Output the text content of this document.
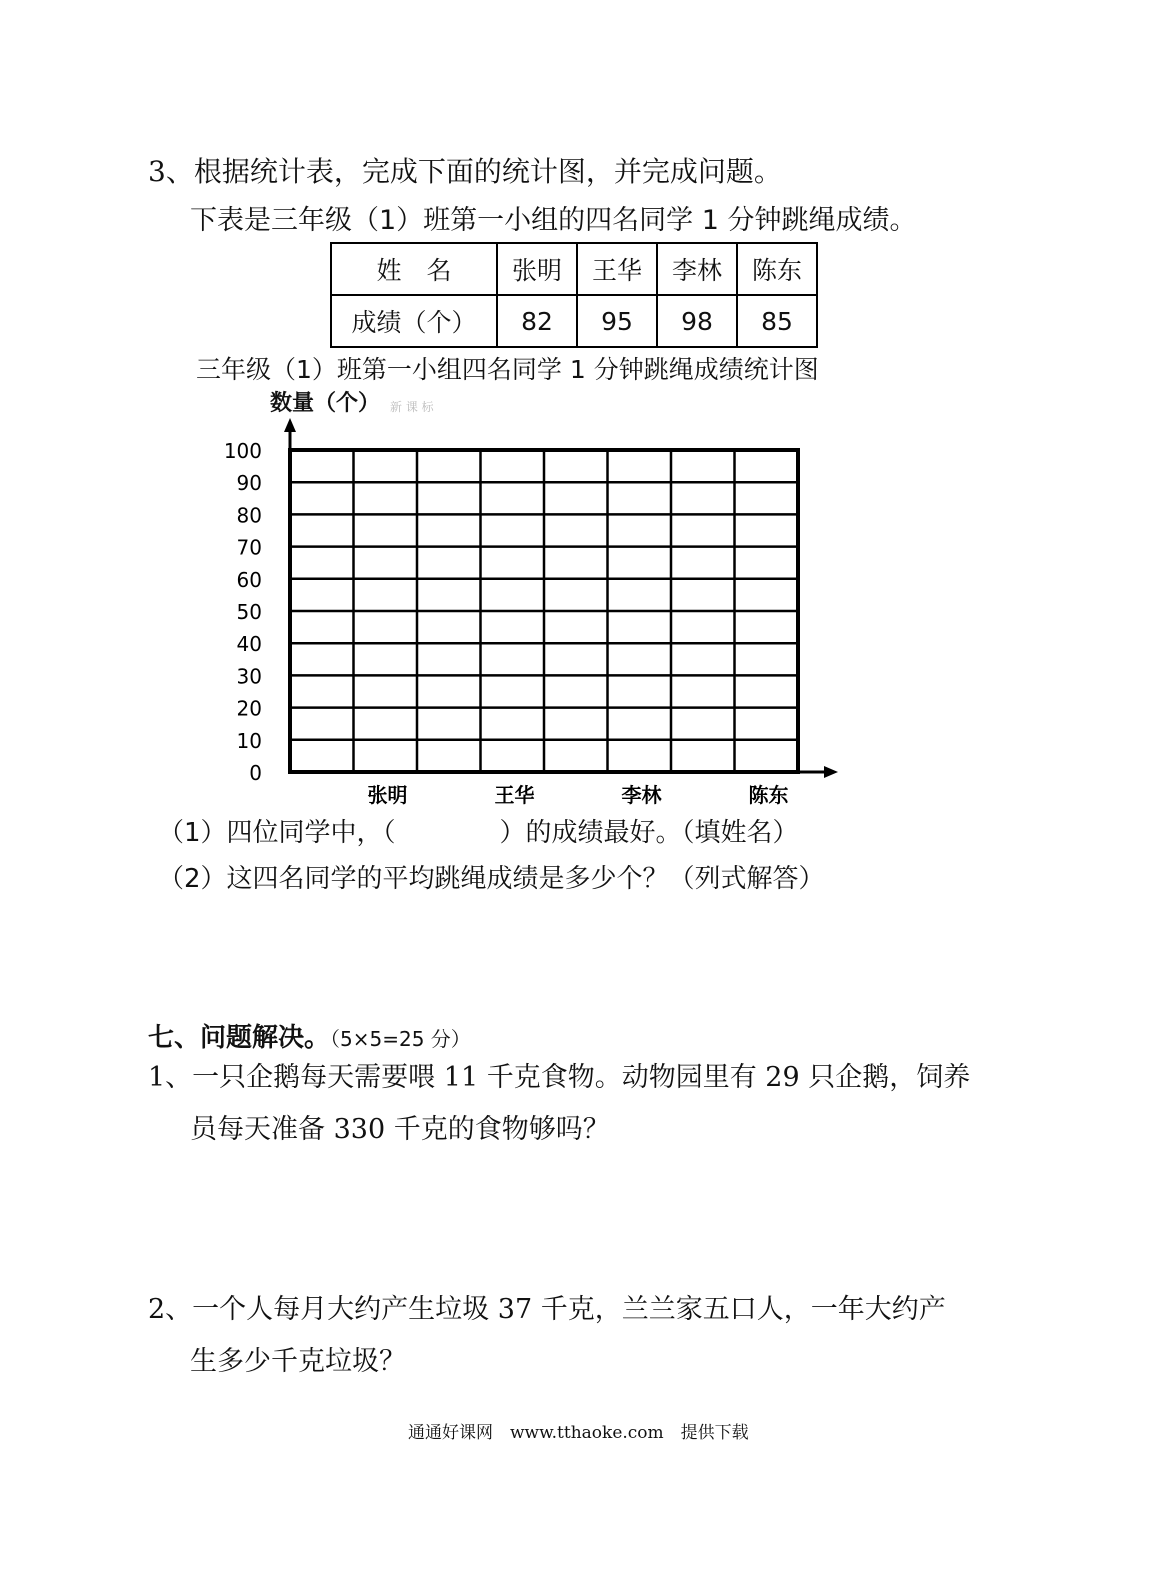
3、根据统计表，完成下面的统计图，并完成问题。
下表是三年级（1）班第一小组的四名同学 1 分钟跳绳成绩。
姓　名	张明	王华	李林	陈东
成绩（个）	82	95	98	85
三年级（1）班第一小组四名同学 1 分钟跳绳成绩统计图
数量（个） 新 课 标
100
90
80
70
60
50
40
30
20
10
0
张明	王华	李林	陈东
（1）四位同学中，（　　　　）的成绩最好。（填姓名）
（2）这四名同学的平均跳绳成绩是多少个？（列式解答）
七、问题解决。（5×5=25 分）
1、一只企鹅每天需要喂 11 千克食物。动物园里有 29 只企鹅，饲养
员每天准备 330 千克的食物够吗？
2、一个人每月大约产生垃圾 37 千克，兰兰家五口人，一年大约产
生多少千克垃圾？
通通好课网　www.tthaoke.com　提供下载
